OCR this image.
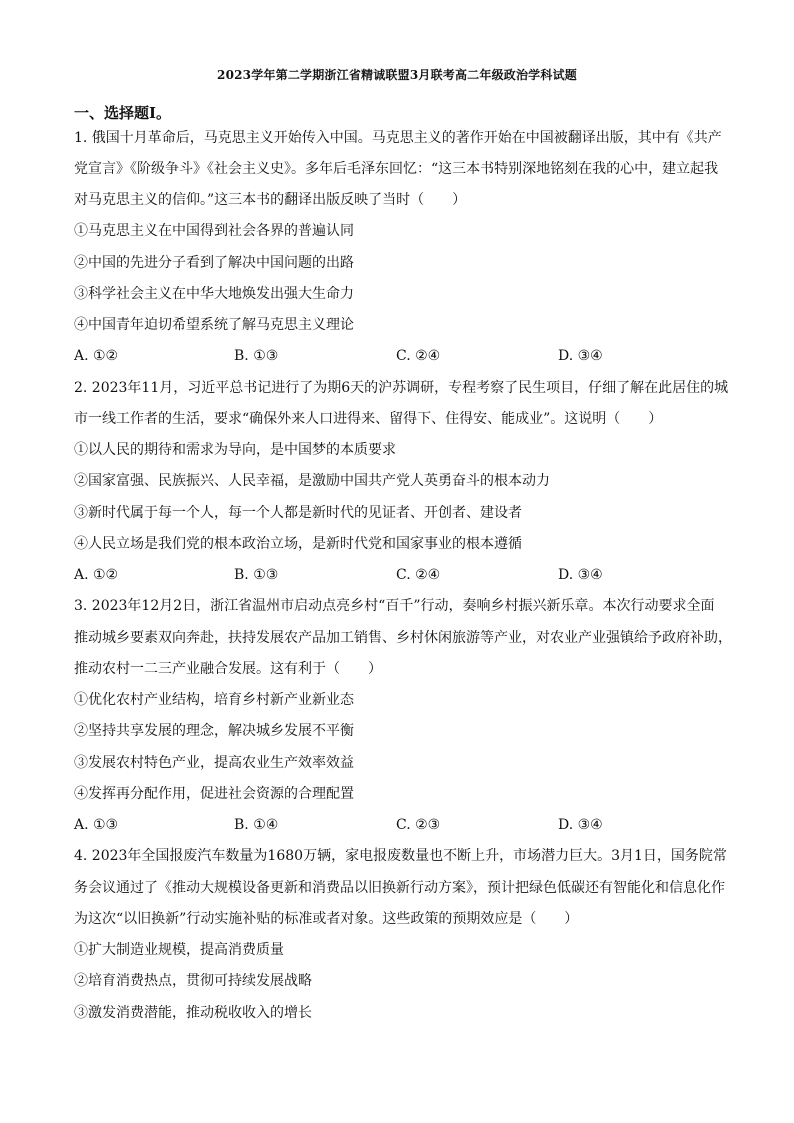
2023学年第二学期浙江省精诚联盟3月联考高二年级政治学科试题
一、选择题Ⅰ。
1. 俄国十月革命后，马克思主义开始传入中国。马克思主义的著作开始在中国被翻译出版，其中有《共产
党宣言》《阶级争斗》《社会主义史》。多年后毛泽东回忆：“这三本书特别深地铭刻在我的心中，建立起我
对马克思主义的信仰。”这三本书的翻译出版反映了当时（　　）
①马克思主义在中国得到社会各界的普遍认同
②中国的先进分子看到了解决中国问题的出路
③科学社会主义在中华大地焕发出强大生命力
④中国青年迫切希望系统了解马克思主义理论
A. ①②	B. ①③	C. ②④	D. ③④
2. 2023年11月，习近平总书记进行了为期6天的沪苏调研，专程考察了民生项目，仔细了解在此居住的城
市一线工作者的生活，要求“确保外来人口进得来、留得下、住得安、能成业”。这说明（　　）
①以人民的期待和需求为导向，是中国梦的本质要求
②国家富强、民族振兴、人民幸福，是激励中国共产党人英勇奋斗的根本动力
③新时代属于每一个人，每一个人都是新时代的见证者、开创者、建设者
④人民立场是我们党的根本政治立场，是新时代党和国家事业的根本遵循
A. ①②	B. ①③	C. ②④	D. ③④
3. 2023年12月2日，浙江省温州市启动点亮乡村“百千”行动，奏响乡村振兴新乐章。本次行动要求全面
推动城乡要素双向奔赴，扶持发展农产品加工销售、乡村休闲旅游等产业，对农业产业强镇给予政府补助，
推动农村一二三产业融合发展。这有利于（　　）
①优化农村产业结构，培育乡村新产业新业态
②坚持共享发展的理念，解决城乡发展不平衡
③发展农村特色产业，提高农业生产效率效益
④发挥再分配作用，促进社会资源的合理配置
A. ①③	B. ①④	C. ②③	D. ③④
4. 2023年全国报废汽车数量为1680万辆，家电报废数量也不断上升，市场潜力巨大。3月1日，国务院常
务会议通过了《推动大规模设备更新和消费品以旧换新行动方案》，预计把绿色低碳还有智能化和信息化作
为这次“以旧换新”行动实施补贴的标准或者对象。这些政策的预期效应是（　　）
①扩大制造业规模，提高消费质量
②培育消费热点，贯彻可持续发展战略
③激发消费潜能，推动税收收入的增长
